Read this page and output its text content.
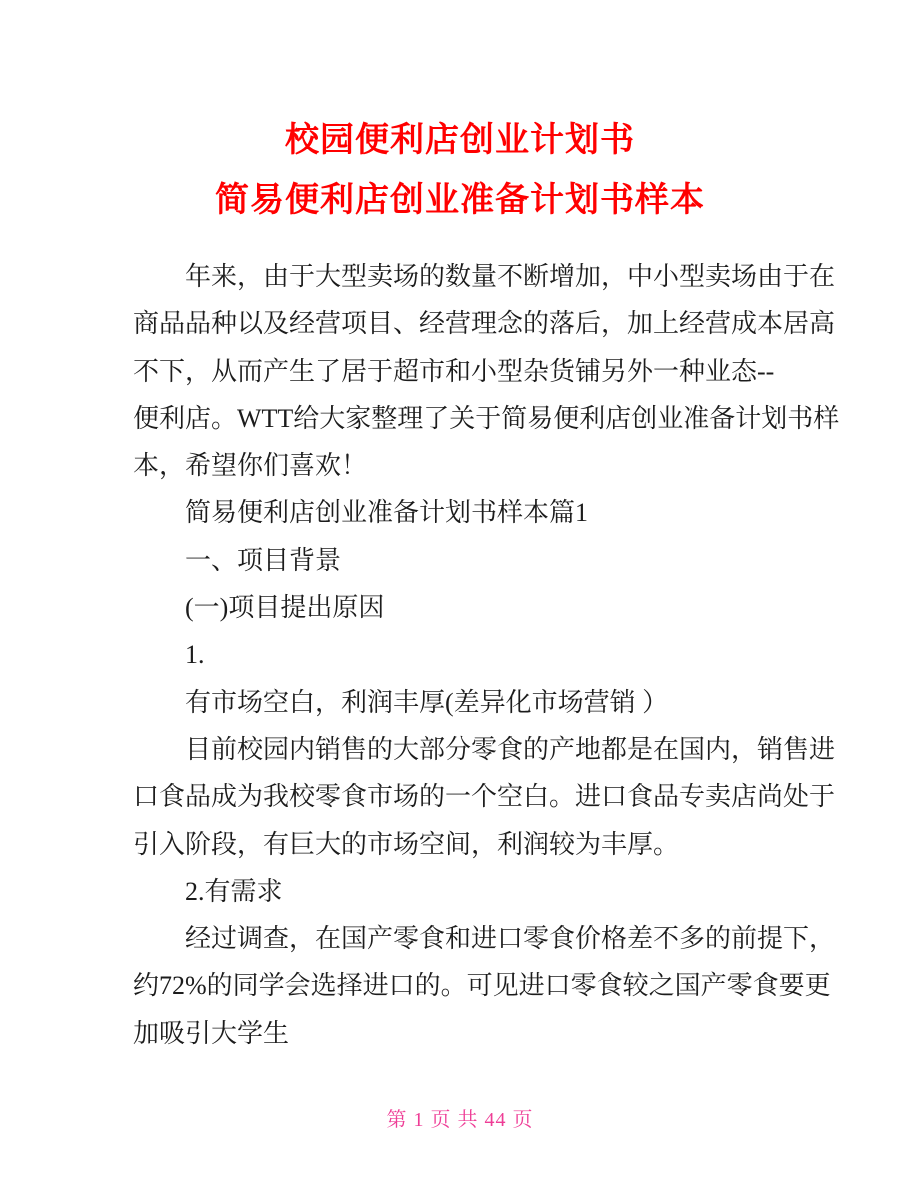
校园便利店创业计划书
简易便利店创业准备计划书样本
年来，由于大型卖场的数量不断增加，中小型卖场由于在
商品品种以及经营项目、经营理念的落后，加上经营成本居高
不下，从而产生了居于超市和小型杂货铺另外一种业态--
便利店。WTT给大家整理了关于简易便利店创业准备计划书样
本，希望你们喜欢！
简易便利店创业准备计划书样本篇1
一、项目背景
(一)项目提出原因
1.
有市场空白，利润丰厚(差异化市场营销 ）
目前校园内销售的大部分零食的产地都是在国内，销售进
口食品成为我校零食市场的一个空白。进口食品专卖店尚处于
引入阶段，有巨大的市场空间，利润较为丰厚。
2.有需求
经过调查，在国产零食和进口零食价格差不多的前提下，
约72%的同学会选择进口的。可见进口零食较之国产零食要更
加吸引大学生
第 1 页 共 44 页
